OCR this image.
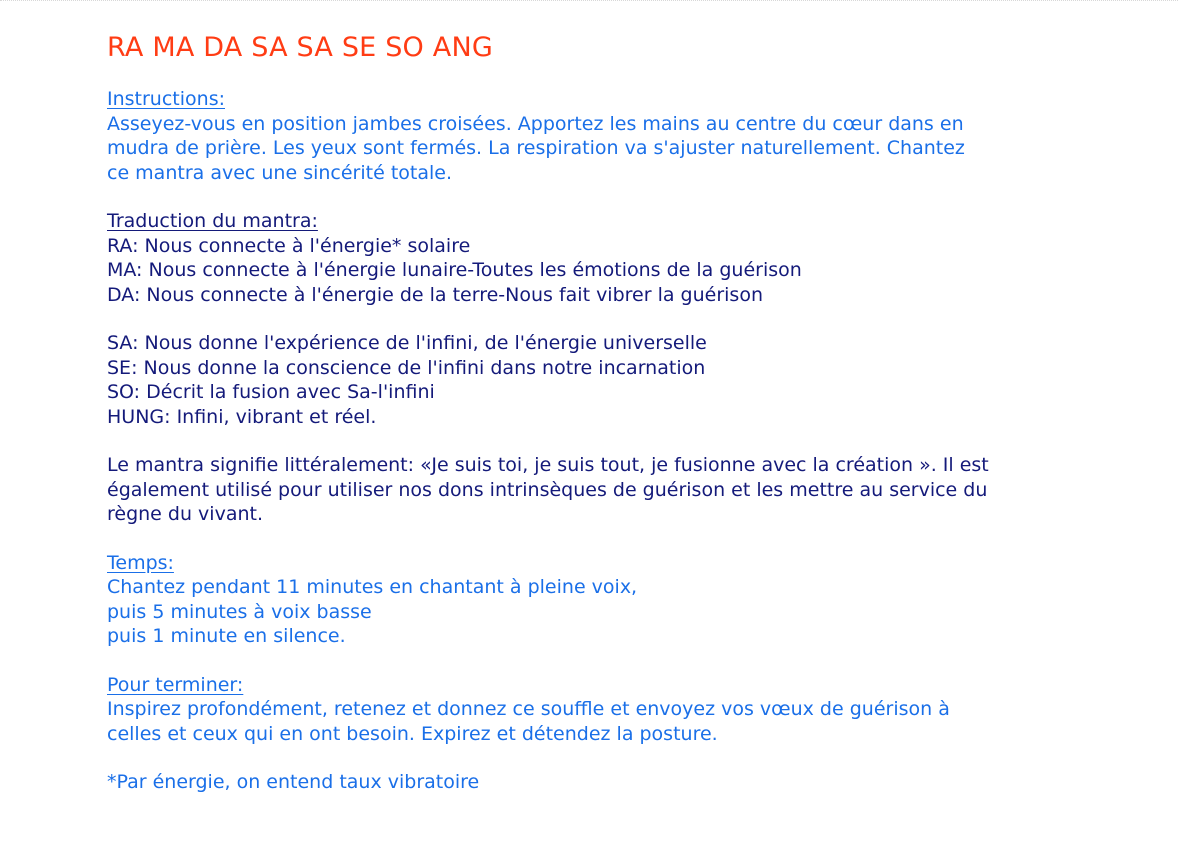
RA MA DA SA SA SE SO ANG
Instructions:
Asseyez-vous en position jambes croisées. Apportez les mains au centre du cœur dans en
mudra de prière. Les yeux sont fermés. La respiration va s'ajuster naturellement. Chantez
ce mantra avec une sincérité totale.
Traduction du mantra:
RA: Nous connecte à l'énergie* solaire
MA: Nous connecte à l'énergie lunaire-Toutes les émotions de la guérison
DA: Nous connecte à l'énergie de la terre-Nous fait vibrer la guérison
SA: Nous donne l'expérience de l'infini, de l'énergie universelle
SE: Nous donne la conscience de l'infini dans notre incarnation
SO: Décrit la fusion avec Sa-l'infini
HUNG: Infini, vibrant et réel.
Le mantra signifie littéralement: «Je suis toi, je suis tout, je fusionne avec la création ». Il est
également utilisé pour utiliser nos dons intrinsèques de guérison et les mettre au service du
règne du vivant.
Temps:
Chantez pendant 11 minutes en chantant à pleine voix,
puis 5 minutes à voix basse
puis 1 minute en silence.
Pour terminer:
Inspirez profondément, retenez et donnez ce souffle et envoyez vos vœux de guérison à
celles et ceux qui en ont besoin. Expirez et détendez la posture.
*Par énergie, on entend taux vibratoire
